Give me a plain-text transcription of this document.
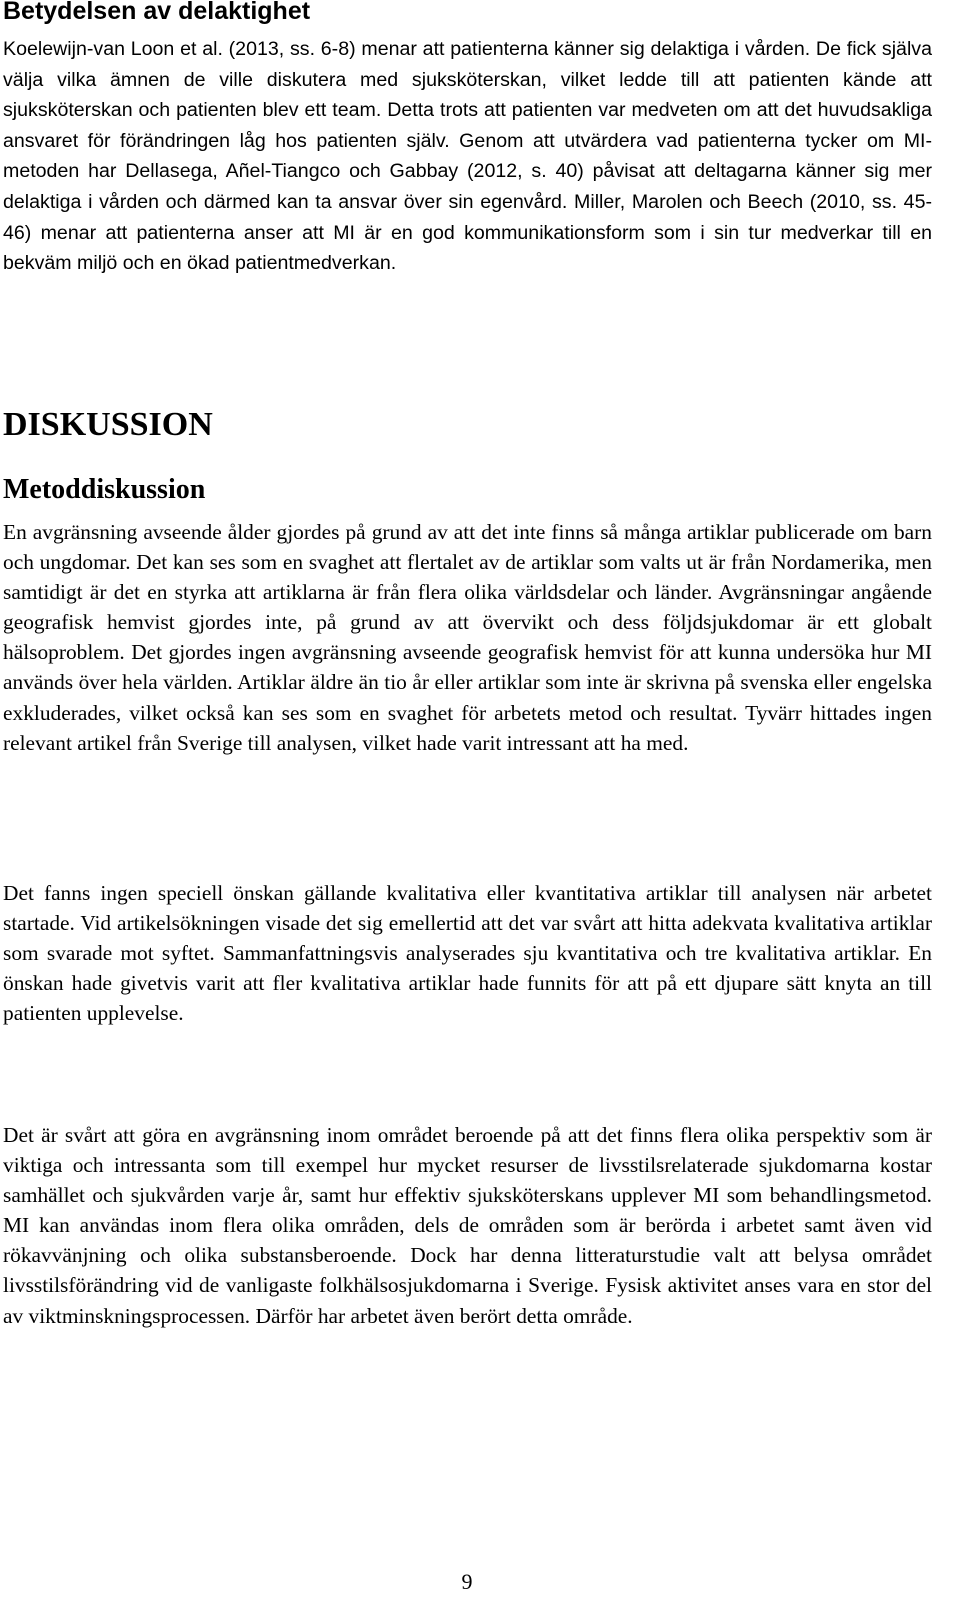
Betydelsen av delaktighet

Koelewijn-van Loon et al. (2013, ss. 6-8) menar att patienterna känner sig delaktiga i vården. De fick själva välja vilka ämnen de ville diskutera med sjuksköterskan, vilket ledde till att patienten kände att sjuksköterskan och patienten blev ett team. Detta trots att patienten var medveten om att det huvudsakliga ansvaret för förändringen låg hos patienten själv. Genom att utvärdera vad patienterna tycker om MI-metoden har Dellasega, Añel-Tiangco och Gabbay (2012, s. 40) påvisat att deltagarna känner sig mer delaktiga i vården och därmed kan ta ansvar över sin egenvård. Miller, Marolen och Beech (2010, ss. 45-46) menar att patienterna anser att MI är en god kommunikationsform som i sin tur medverkar till en bekväm miljö och en ökad patientmedverkan.

DISKUSSION
Metoddiskussion

En avgränsning avseende ålder gjordes på grund av att det inte finns så många artiklar publicerade om barn och ungdomar. Det kan ses som en svaghet att flertalet av de artiklar som valts ut är från Nordamerika, men samtidigt är det en styrka att artiklarna är från flera olika världsdelar och länder. Avgränsningar angående geografisk hemvist gjordes inte, på grund av att övervikt och dess följdsjukdomar är ett globalt hälsoproblem. Det gjordes ingen avgränsning avseende geografisk hemvist för att kunna undersöka hur MI används över hela världen. Artiklar äldre än tio år eller artiklar som inte är skrivna på svenska eller engelska exkluderades, vilket också kan ses som en svaghet för arbetets metod och resultat. Tyvärr hittades ingen relevant artikel från Sverige till analysen, vilket hade varit intressant att ha med.

Det fanns ingen speciell önskan gällande kvalitativa eller kvantitativa artiklar till analysen när arbetet startade. Vid artikelsökningen visade det sig emellertid att det var svårt att hitta adekvata kvalitativa artiklar som svarade mot syftet. Sammanfattningsvis analyserades sju kvantitativa och tre kvalitativa artiklar. En önskan hade givetvis varit att fler kvalitativa artiklar hade funnits för att på ett djupare sätt knyta an till patienten upplevelse.

Det är svårt att göra en avgränsning inom området beroende på att det finns flera olika perspektiv som är viktiga och intressanta som till exempel hur mycket resurser de livsstilsrelaterade sjukdomarna kostar samhället och sjukvården varje år, samt hur effektiv sjuksköterskans upplever MI som behandlingsmetod. MI kan användas inom flera olika områden, dels de områden som är berörda i arbetet samt även vid rökavvänjning och olika substansberoende. Dock har denna litteraturstudie valt att belysa området livsstilsförändring vid de vanligaste folkhälsosjukdomarna i Sverige. Fysisk aktivitet anses vara en stor del av viktminskningsprocessen. Därför har arbetet även berört detta område.

9
